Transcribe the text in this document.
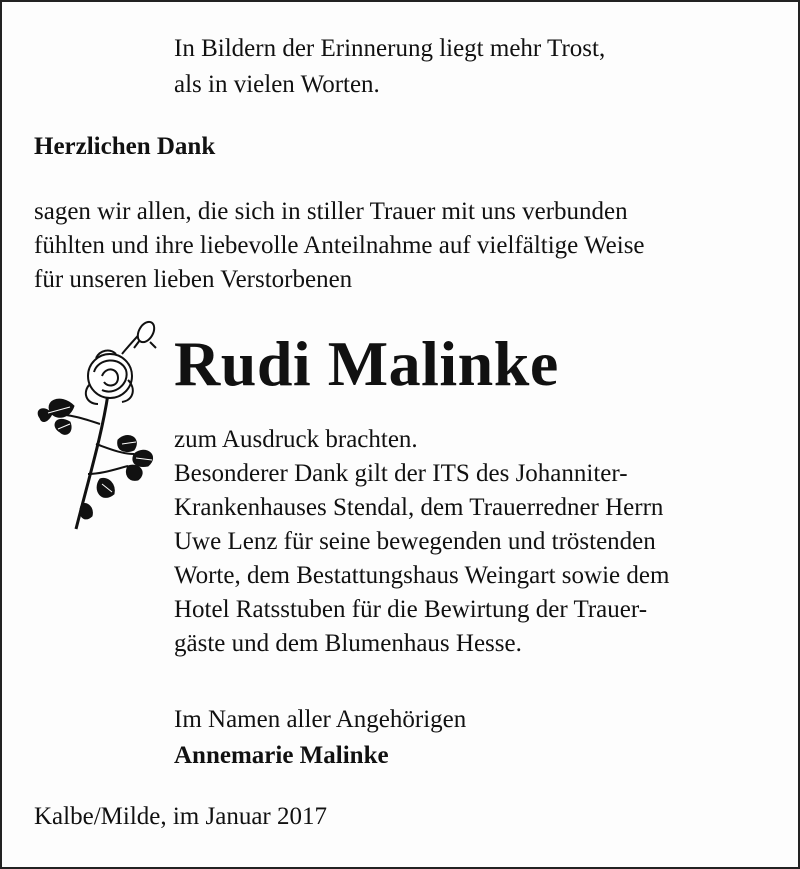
In Bildern der Erinnerung liegt mehr Trost,
als in vielen Worten.
Herzlichen Dank
sagen wir allen, die sich in stiller Trauer mit uns verbunden
fühlten und ihre liebevolle Anteilnahme auf vielfältige Weise
für unseren lieben Verstorbenen
Rudi Malinke
zum Ausdruck brachten.
Besonderer Dank gilt der ITS des Johanniter-
Krankenhauses Stendal, dem Trauerredner Herrn
Uwe Lenz für seine bewegenden und tröstenden
Worte, dem Bestattungshaus Weingart sowie dem
Hotel Ratsstuben für die Bewirtung der Trauer-
gäste und dem Blumenhaus Hesse.
Im Namen aller Angehörigen
Annemarie Malinke
Kalbe/Milde, im Januar 2017
